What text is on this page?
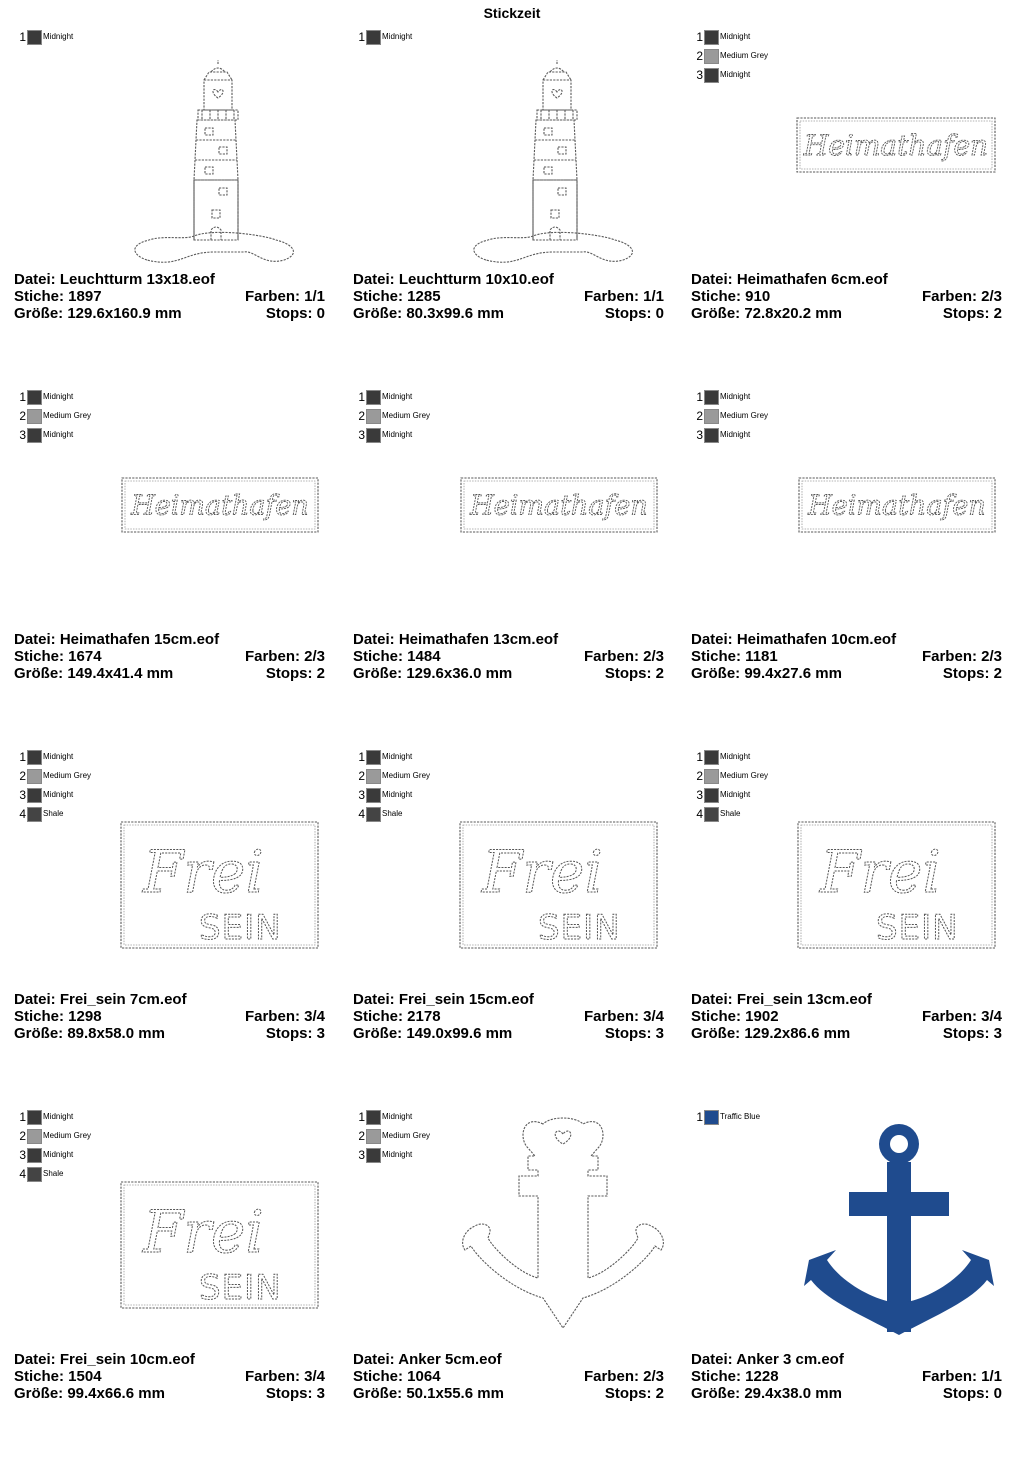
Stickzeit
1 Midnight
Datei: Leuchtturm 13x18.eof
Stiche: 1897	Farben: 1/1
Größe: 129.6x160.9 mm	Stops: 0
1 Midnight
Datei: Leuchtturm 10x10.eof
Stiche: 1285	Farben: 1/1
Größe: 80.3x99.6 mm	Stops: 0
1 Midnight
2 Medium Grey
3 Midnight
Heimathafen
Datei: Heimathafen 6cm.eof
Stiche: 910	Farben: 2/3
Größe: 72.8x20.2 mm	Stops: 2
1 Midnight
2 Medium Grey
3 Midnight
Heimathafen
Datei: Heimathafen 15cm.eof
Stiche: 1674	Farben: 2/3
Größe: 149.4x41.4 mm	Stops: 2
1 Midnight
2 Medium Grey
3 Midnight
Heimathafen
Datei: Heimathafen 13cm.eof
Stiche: 1484	Farben: 2/3
Größe: 129.6x36.0 mm	Stops: 2
1 Midnight
2 Medium Grey
3 Midnight
Heimathafen
Datei: Heimathafen 10cm.eof
Stiche: 1181	Farben: 2/3
Größe: 99.4x27.6 mm	Stops: 2
1 Midnight
2 Medium Grey
3 Midnight
4 Shale
Frei
SEIN
Datei: Frei_sein 7cm.eof
Stiche: 1298	Farben: 3/4
Größe: 89.8x58.0 mm	Stops: 3
1 Midnight
2 Medium Grey
3 Midnight
4 Shale
Frei
SEIN
Datei: Frei_sein 15cm.eof
Stiche: 2178	Farben: 3/4
Größe: 149.0x99.6 mm	Stops: 3
1 Midnight
2 Medium Grey
3 Midnight
4 Shale
Frei
SEIN
Datei: Frei_sein 13cm.eof
Stiche: 1902	Farben: 3/4
Größe: 129.2x86.6 mm	Stops: 3
1 Midnight
2 Medium Grey
3 Midnight
4 Shale
Frei
SEIN
Datei: Frei_sein 10cm.eof
Stiche: 1504	Farben: 3/4
Größe: 99.4x66.6 mm	Stops: 3
1 Midnight
2 Medium Grey
3 Midnight
Datei: Anker 5cm.eof
Stiche: 1064	Farben: 2/3
Größe: 50.1x55.6 mm	Stops: 2
1 Traffic Blue
Datei: Anker 3 cm.eof
Stiche: 1228	Farben: 1/1
Größe: 29.4x38.0 mm	Stops: 0
